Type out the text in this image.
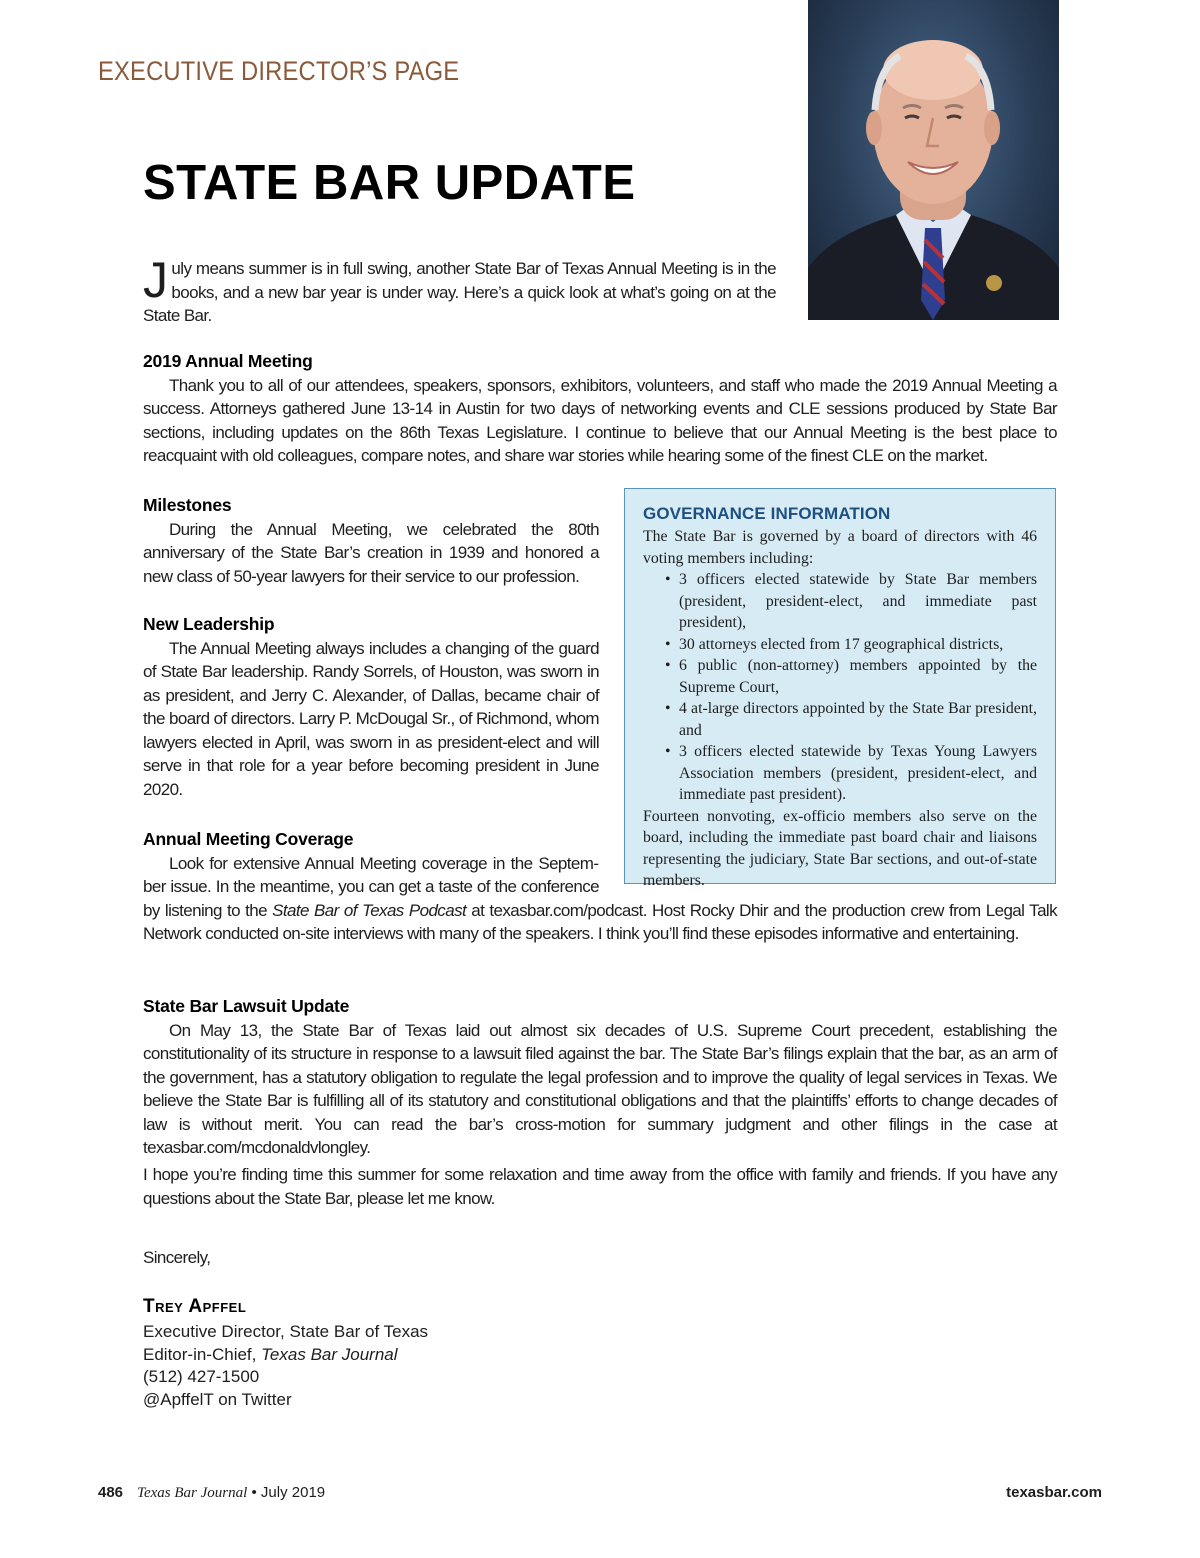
EXECUTIVE DIRECTOR’S PAGE
STATE BAR UPDATE
July means summer is in full swing, another State Bar of Texas Annual Meeting is in the books, and a new bar year is under way. Here’s a quick look at what’s going on at the State Bar.
2019 Annual Meeting

Thank you to all of our attendees, speakers, sponsors, exhibitors, volunteers, and staff who made the 2019 Annual Meeting a success. Attorneys gathered June 13-14 in Austin for two days of networking events and CLE sessions produced by State Bar sections, including updates on the 86th Texas Legislature. I continue to believe that our Annual Meeting is the best place to reacquaint with old colleagues, compare notes, and share war stories while hearing some of the finest CLE on the market.

Milestones

During the Annual Meeting, we celebrated the 80th anniversary of the State Bar’s creation in 1939 and honored a new class of 50-year lawyers for their service to our profession.

New Leadership

The Annual Meeting always includes a changing of the guard of State Bar leadership. Randy Sorrels, of Houston, was sworn in as president, and Jerry C. Alexander, of Dallas, became chair of the board of directors. Larry P. McDougal Sr., of Richmond, whom lawyers elected in April, was sworn in as president-elect and will serve in that role for a year before becoming president in June 2020.

Annual Meeting Coverage

Look for extensive Annual Meeting coverage in the September issue. In the meantime, you can get a taste of the conference by listening to the State Bar of Texas Podcast at texasbar.com/podcast. Host Rocky Dhir and the production crew from Legal Talk Network conducted on-site interviews with many of the speakers. I think you’ll find these episodes informative and entertaining.

GOVERNANCE INFORMATION

The State Bar is governed by a board of directors with 46 voting members including:

• 3 officers elected statewide by State Bar members (president, president-elect, and immediate past president),
• 30 attorneys elected from 17 geographical districts,
• 6 public (non-attorney) members appointed by the Supreme Court,
• 4 at-large directors appointed by the State Bar president, and
• 3 officers elected statewide by Texas Young Lawyers Association members (president, president-elect, and immediate past president).

Fourteen nonvoting, ex-officio members also serve on the board, including the immediate past board chair and liaisons representing the judiciary, State Bar sections, and out-of-state members.

State Bar Lawsuit Update

On May 13, the State Bar of Texas laid out almost six decades of U.S. Supreme Court precedent, establishing the constitutionality of its structure in response to a lawsuit filed against the bar. The State Bar’s filings explain that the bar, as an arm of the government, has a statutory obligation to regulate the legal profession and to improve the quality of legal services in Texas. We believe the State Bar is fulfilling all of its statutory and constitutional obligations and that the plaintiffs’ efforts to change decades of law is without merit. You can read the bar’s cross-motion for summary judgment and other filings in the case at texasbar.com/mcdonaldvlongley.

I hope you’re finding time this summer for some relaxation and time away from the office with family and friends. If you have any questions about the State Bar, please let me know.

Sincerely,

Trey Apffel
Executive Director, State Bar of Texas
Editor-in-Chief, Texas Bar Journal
(512) 427-1500
@ApffelT on Twitter
486 Texas Bar Journal • July 2019	texasbar.com
